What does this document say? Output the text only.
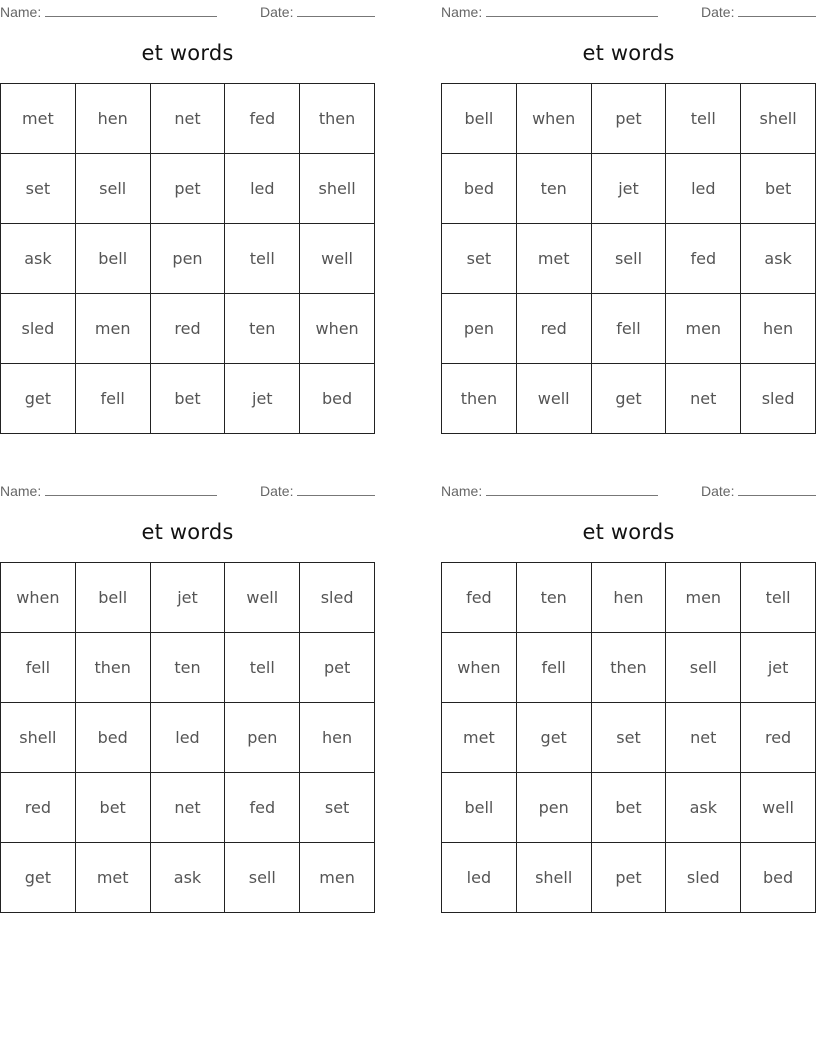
Name:	Date:
et words
met	hen	net	fed	then
set	sell	pet	led	shell
ask	bell	pen	tell	well
sled	men	red	ten	when
get	fell	bet	jet	bed
Name:	Date:
et words
bell	when	pet	tell	shell
bed	ten	jet	led	bet
set	met	sell	fed	ask
pen	red	fell	men	hen
then	well	get	net	sled
Name:	Date:
et words
when	bell	jet	well	sled
fell	then	ten	tell	pet
shell	bed	led	pen	hen
red	bet	net	fed	set
get	met	ask	sell	men
Name:	Date:
et words
fed	ten	hen	men	tell
when	fell	then	sell	jet
met	get	set	net	red
bell	pen	bet	ask	well
led	shell	pet	sled	bed
